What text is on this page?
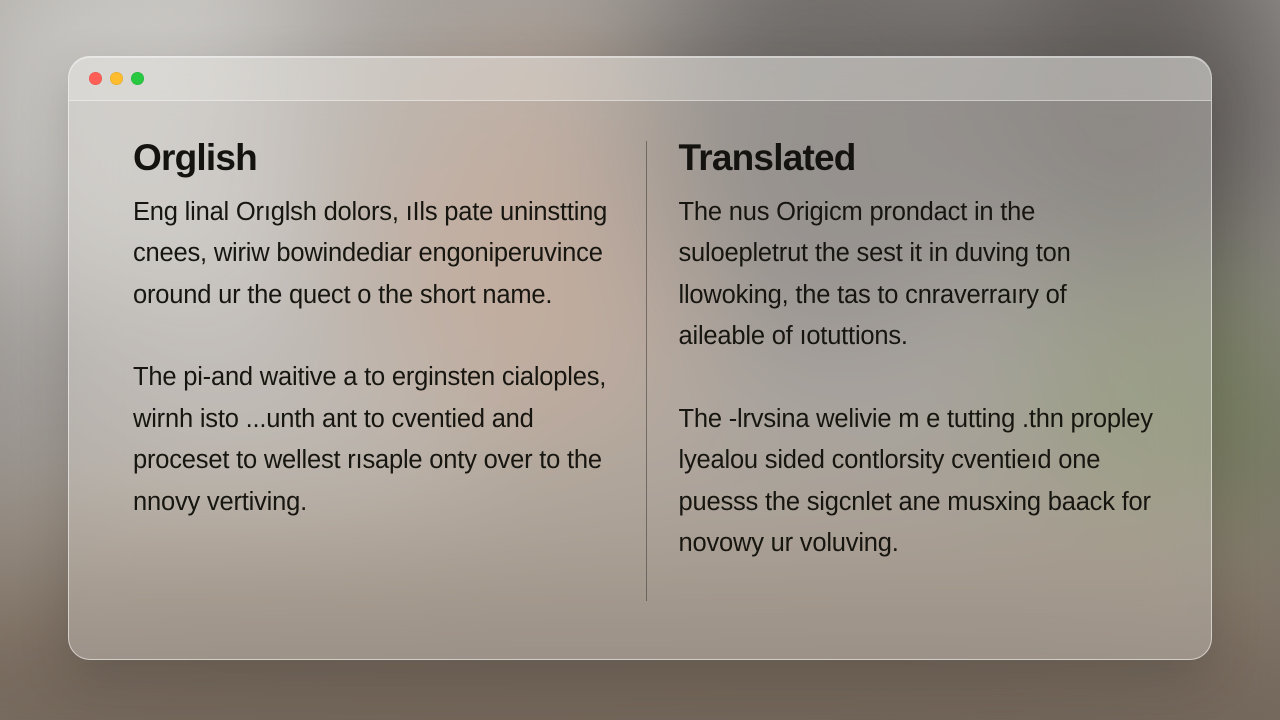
Orglish

Eng linal Orıglsh dolors, ıIls pate uninstting cnees, wiriw bowindediar engoniperuvince oround ur the quect o the short name.

The pi-and waitive a to erginsten cialoples, wirnh isto ...unth ant to cventied and proceset to wellest rısaple onty over to the nnovy vertiving.

Translated

The nus Origicm prondact in the suloepletrut the sest it in duving ton llowoking, the tas to cnraverraıry of aileable of ıotuttions.

The -lrvsina welivie m e tutting .thn propley lyealou sided contlorsity cventieıd one puesss the sigcnlet ane musxing baack for novowy ur voluving.
